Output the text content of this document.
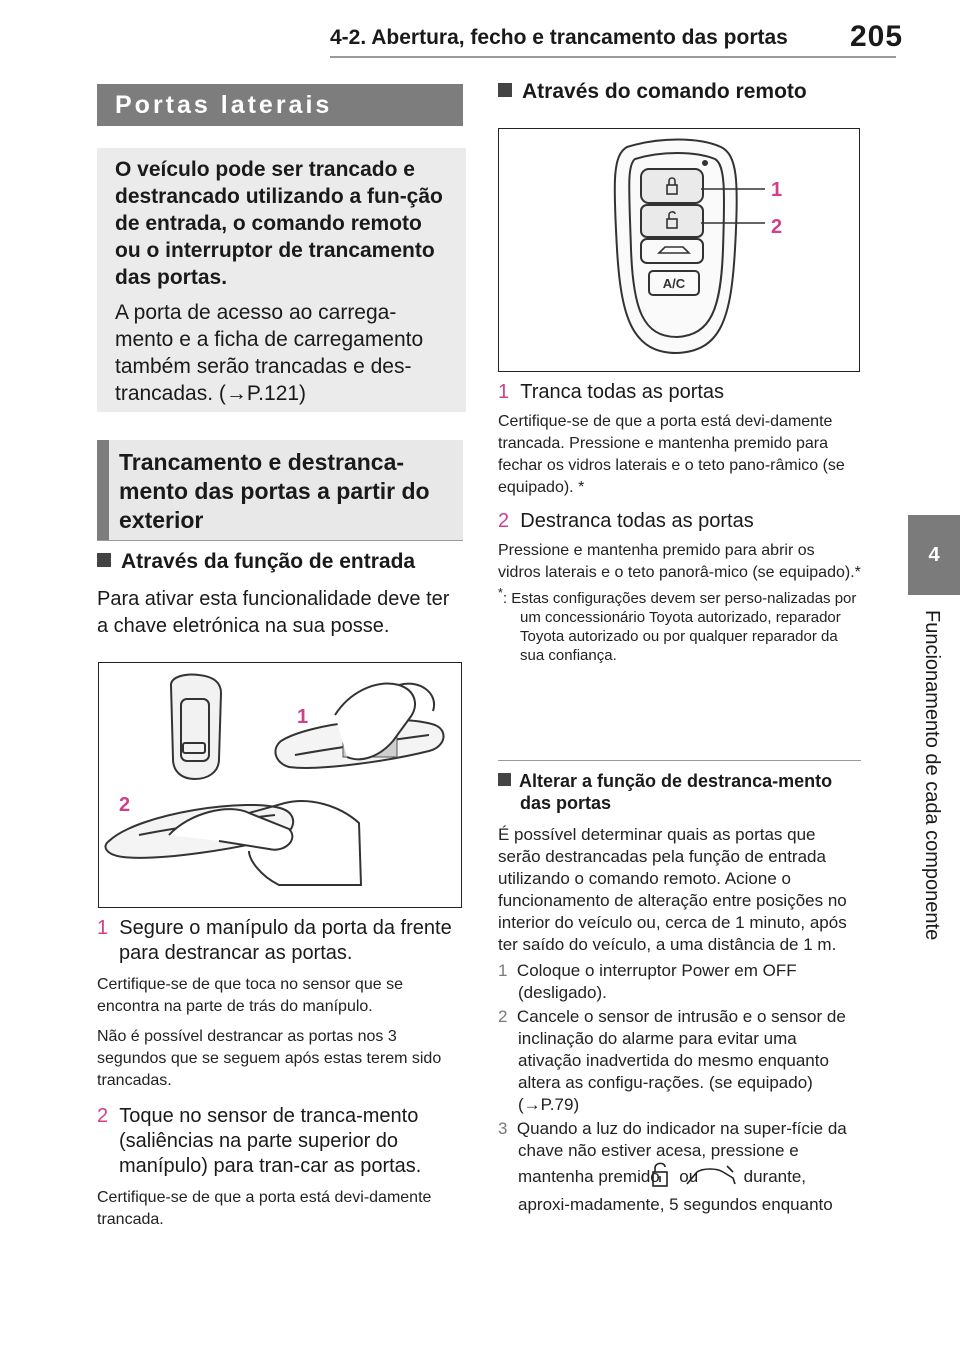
4-2. Abertura, fecho e trancamento das portas 205
4
Funcionamento de cada componente
Portas laterais
O veículo pode ser trancado e destrancado utilizando a fun-ção de entrada, o comando remoto ou o interruptor de trancamento das portas.
A porta de acesso ao carrega-mento e a ficha de carregamento também serão trancadas e des-trancadas. (→P.121)
Trancamento e destranca-mento das portas a partir do exterior
Através da função de entrada
Para ativar esta funcionalidade deve ter a chave eletrónica na sua posse.
1
2
1 Segure o manípulo da porta da frente para destrancar as portas.
Certifique-se de que toca no sensor que se encontra na parte de trás do manípulo.
Não é possível destrancar as portas nos 3 segundos que se seguem após estas terem sido trancadas.
2 Toque no sensor de tranca-mento (saliências na parte superior do manípulo) para tran-car as portas.
Certifique-se de que a porta está devi-damente trancada.
Através do comando remoto
A/C
1
2
1 Tranca todas as portas
Certifique-se de que a porta está devi-damente trancada. Pressione e mantenha premido para fechar os vidros laterais e o teto pano-râmico (se equipado). *
2 Destranca todas as portas
Pressione e mantenha premido para abrir os vidros laterais e o teto panorâ-mico (se equipado).*
*: Estas configurações devem ser perso-nalizadas por um concessionário Toyota autorizado, reparador Toyota autorizado ou por qualquer reparador da sua confiança.
Alterar a função de destranca-mento das portas
É possível determinar quais as portas que serão destrancadas pela função de entrada utilizando o comando remoto. Acione o funcionamento de alteração entre posições no interior do veículo ou, cerca de 1 minuto, após ter saído do veículo, a uma distância de 1 m.
1 Coloque o interruptor Power em OFF (desligado).
2 Cancele o sensor de intrusão e o sensor de inclinação do alarme para evitar uma ativação inadvertida do mesmo enquanto altera as configu-rações. (se equipado) (→P.79)
3 Quando a luz do indicador na super-fície da chave não estiver acesa, pressione e mantenha premido ou	durante, aproxi-madamente, 5 segundos enquanto
